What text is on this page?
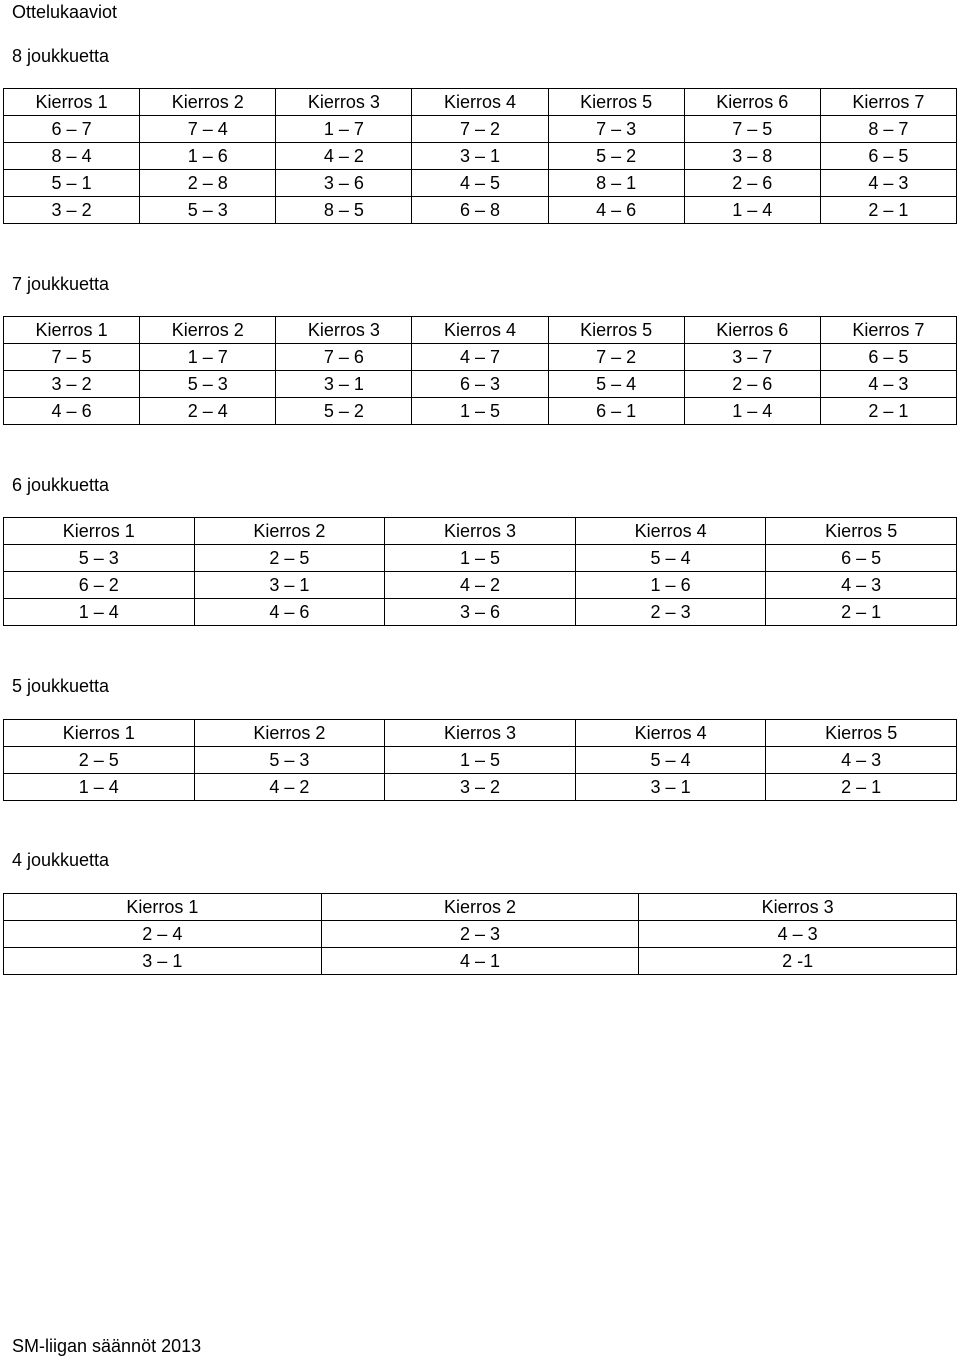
Ottelukaaviot
8 joukkuetta
Kierros 1	Kierros 2	Kierros 3	Kierros 4	Kierros 5	Kierros 6	Kierros 7
6 – 7	7 – 4	1 – 7	7 – 2	7 – 3	7 – 5	8 – 7
8 – 4	1 – 6	4 – 2	3 – 1	5 – 2	3 – 8	6 – 5
5 – 1	2 – 8	3 – 6	4 – 5	8 – 1	2 – 6	4 – 3
3 – 2	5 – 3	8 – 5	6 – 8	4 – 6	1 – 4	2 – 1
7 joukkuetta
Kierros 1	Kierros 2	Kierros 3	Kierros 4	Kierros 5	Kierros 6	Kierros 7
7 – 5	1 – 7	7 – 6	4 – 7	7 – 2	3 – 7	6 – 5
3 – 2	5 – 3	3 – 1	6 – 3	5 – 4	2 – 6	4 – 3
4 – 6	2 – 4	5 – 2	1 – 5	6 – 1	1 – 4	2 – 1
6 joukkuetta
Kierros 1	Kierros 2	Kierros 3	Kierros 4	Kierros 5
5 – 3	2 – 5	1 – 5	5 – 4	6 – 5
6 – 2	3 – 1	4 – 2	1 – 6	4 – 3
1 – 4	4 – 6	3 – 6	2 – 3	2 – 1
5 joukkuetta
Kierros 1	Kierros 2	Kierros 3	Kierros 4	Kierros 5
2 – 5	5 – 3	1 – 5	5 – 4	4 – 3
1 – 4	4 – 2	3 – 2	3 – 1	2 – 1
4 joukkuetta
Kierros 1	Kierros 2	Kierros 3
2 – 4	2 – 3	4 – 3
3 – 1	4 – 1	2 -1
SM-liigan säännöt 2013
